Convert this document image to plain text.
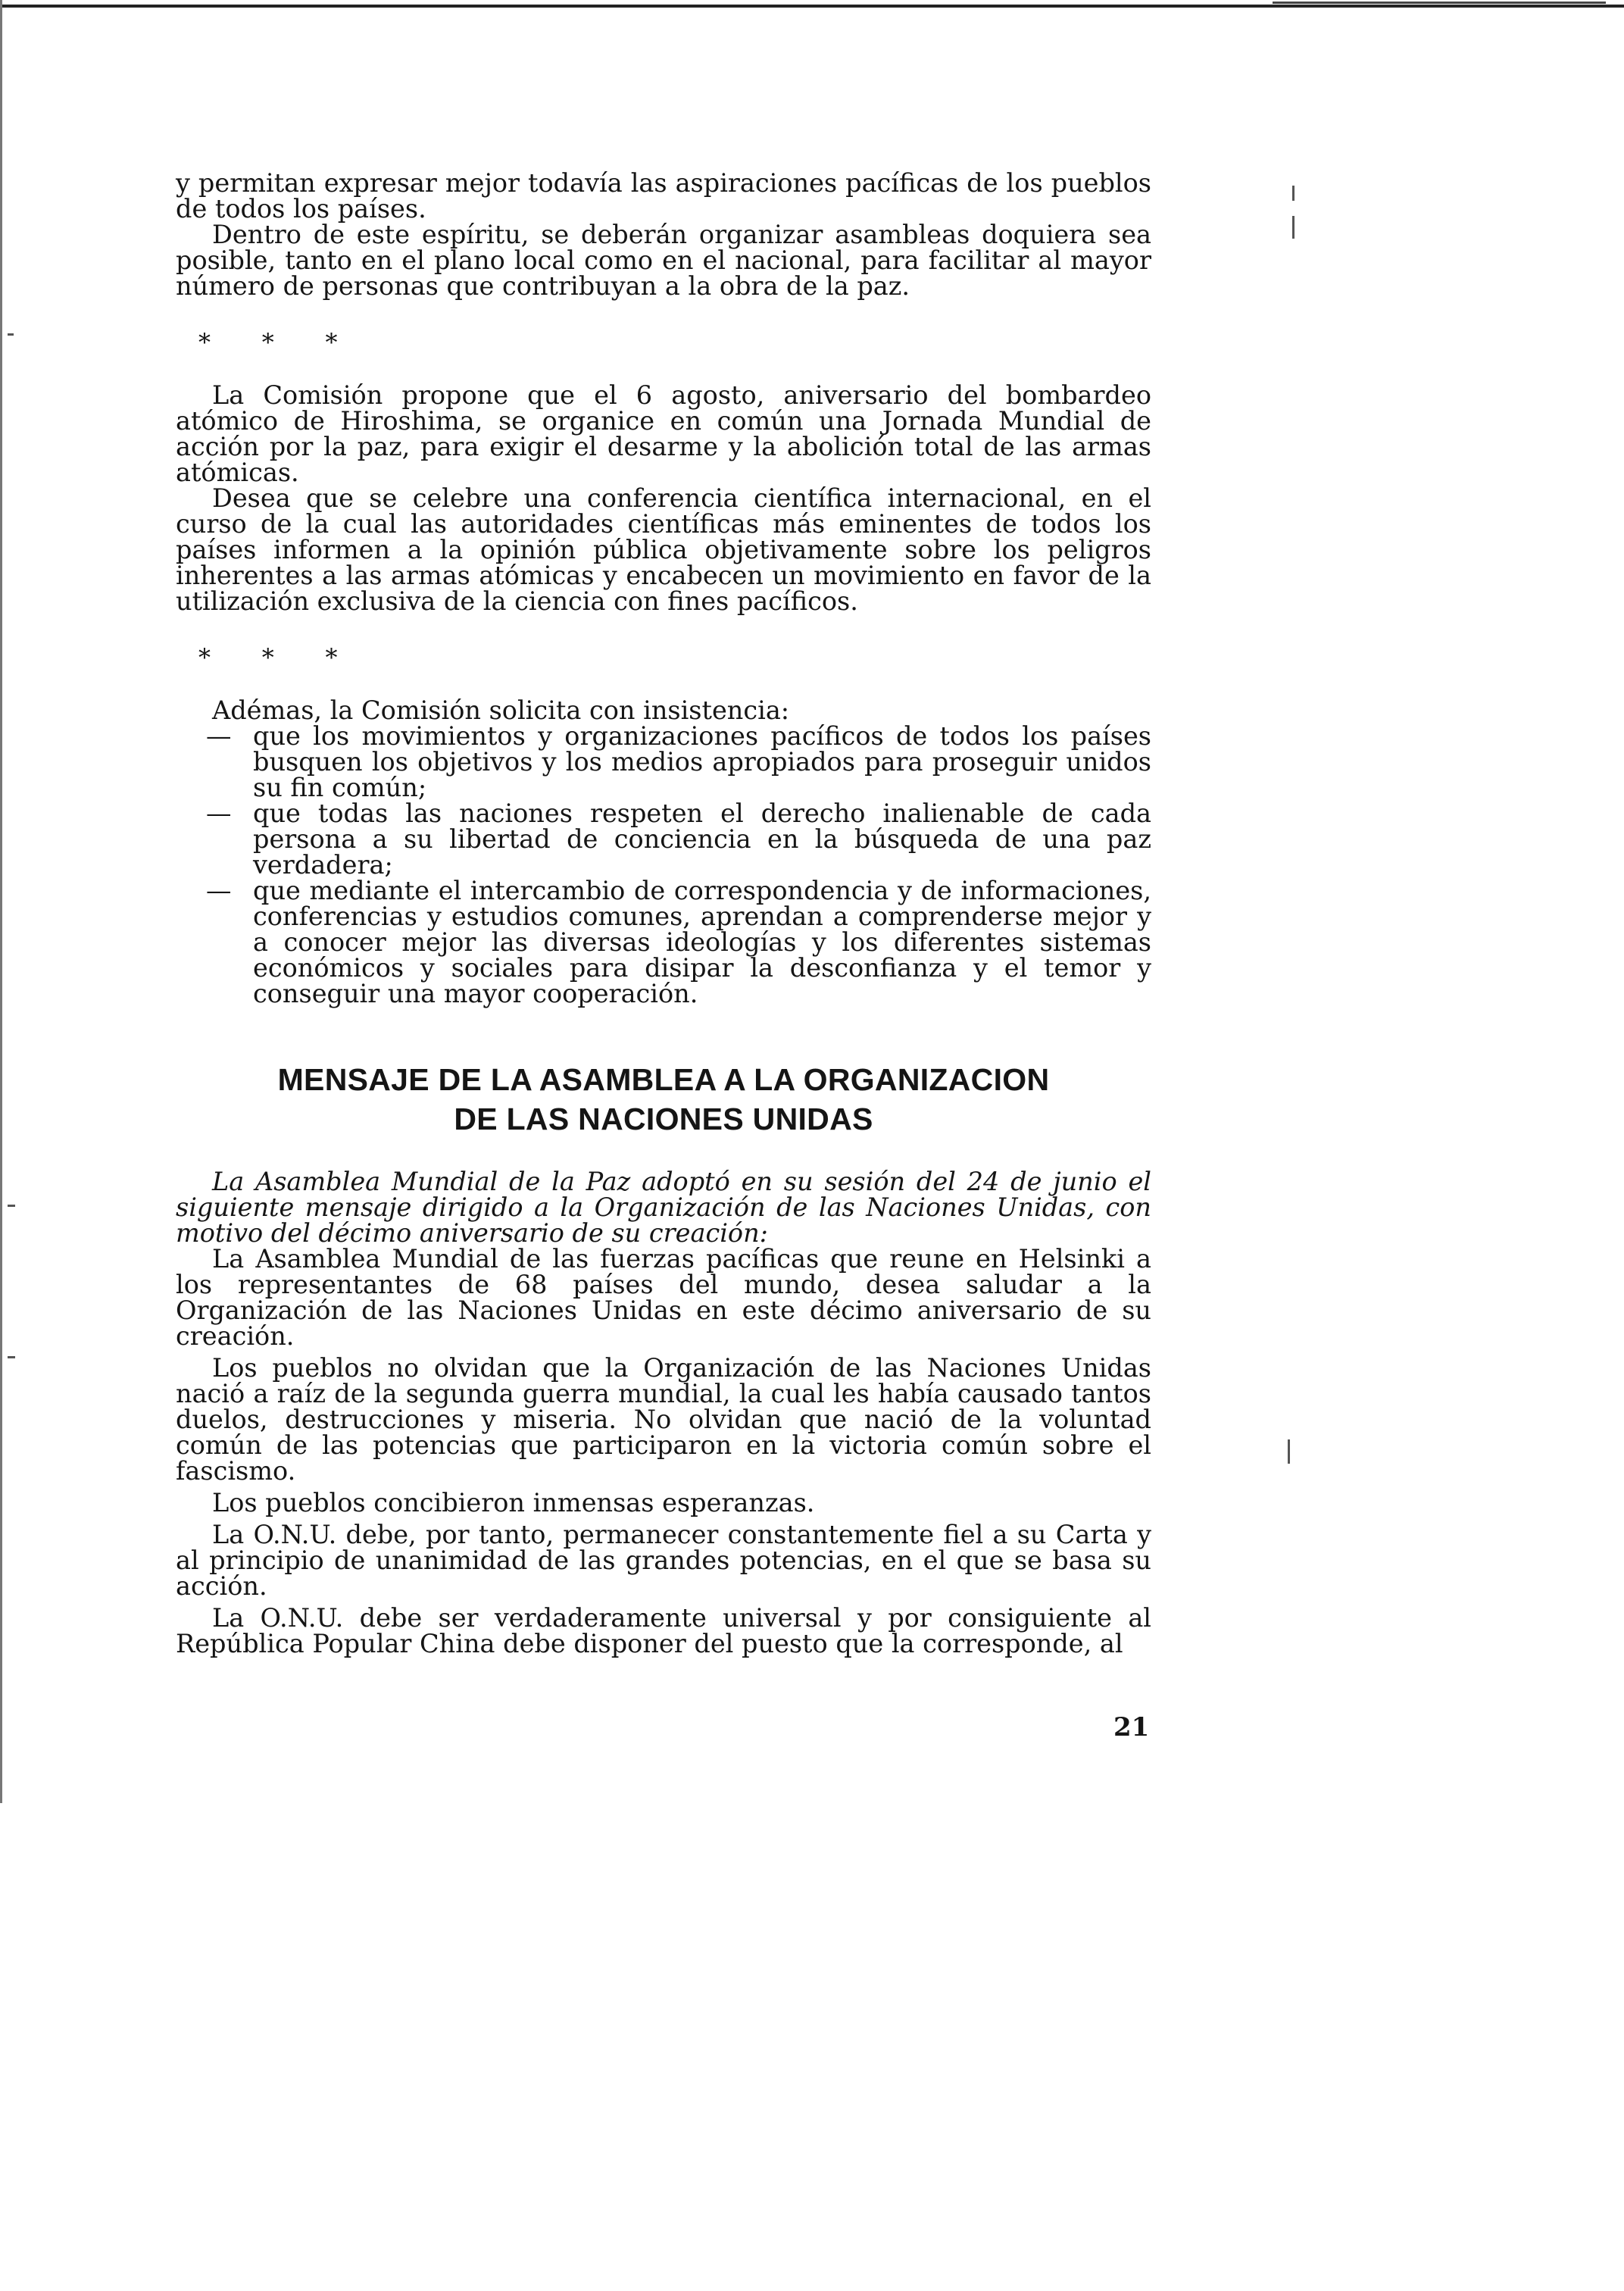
y permitan expresar mejor todavía las aspiraciones pacíficas de los pueblos de todos los países.

Dentro de este espíritu, se deberán organizar asambleas doquiera sea posible, tanto en el plano local como en el nacional, para facilitar al mayor número de personas que contribuyan a la obra de la paz.

* * *

La Comisión propone que el 6 agosto, aniversario del bombardeo atómico de Hiroshima, se organice en común una Jornada Mundial de acción por la paz, para exigir el desarme y la abolición total de las armas atómicas.

Desea que se celebre una conferencia científica internacional, en el curso de la cual las autoridades científicas más eminentes de todos los países informen a la opinión pública objetivamente sobre los peligros inherentes a las armas atómicas y encabecen un movimiento en favor de la utilización exclusiva de la ciencia con fines pacíficos.

* * *

Adémas, la Comisión solicita con insistencia:

— que los movimientos y organizaciones pacíficos de todos los países busquen los objetivos y los medios apropiados para proseguir unidos su fin común;
— que todas las naciones respeten el derecho inalienable de cada persona a su libertad de conciencia en la búsqueda de una paz verdadera;
— que mediante el intercambio de correspondencia y de informaciones, conferencias y estudios comunes, aprendan a comprenderse mejor y a conocer mejor las diversas ideologías y los diferentes sistemas económicos y sociales para disipar la desconfianza y el temor y conseguir una mayor cooperación.
MENSAJE DE LA ASAMBLEA A LA ORGANIZACION
DE LAS NACIONES UNIDAS

La Asamblea Mundial de la Paz adoptó en su sesión del 24 de junio el siguiente mensaje dirigido a la Organización de las Naciones Unidas, con motivo del décimo aniversario de su creación:

La Asamblea Mundial de las fuerzas pacíficas que reune en Helsinki a los representantes de 68 países del mundo, desea saludar a la Organización de las Naciones Unidas en este décimo aniversario de su creación.

Los pueblos no olvidan que la Organización de las Naciones Unidas nació a raíz de la segunda guerra mundial, la cual les había causado tantos duelos, destrucciones y miseria. No olvidan que nació de la voluntad común de las potencias que participaron en la victoria común sobre el fascismo.

Los pueblos concibieron inmensas esperanzas.

La O.N.U. debe, por tanto, permanecer constantemente fiel a su Carta y al principio de unanimidad de las grandes potencias, en el que se basa su acción.

La O.N.U. debe ser verdaderamente universal y por consiguiente al República Popular China debe disponer del puesto que la corresponde, al

21
